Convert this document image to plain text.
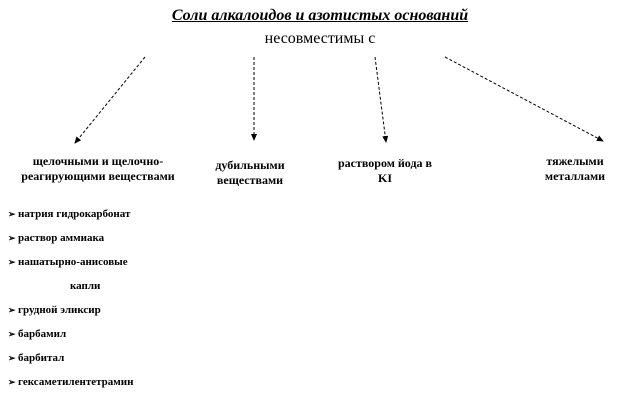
Соли алкалоидов и азотистых оснований
несовместимы с
щелочными и щелочно-реагирующими веществами
дубильными веществами
раствором йода в KI
тяжелыми металлами
➢ натрия гидрокарбонат
➢ раствор аммиака
➢ нашатырно-анисовые
капли
➢ грудной эликсир
➢ барбамил
➢ барбитал
➢ гексаметилентетрамин
